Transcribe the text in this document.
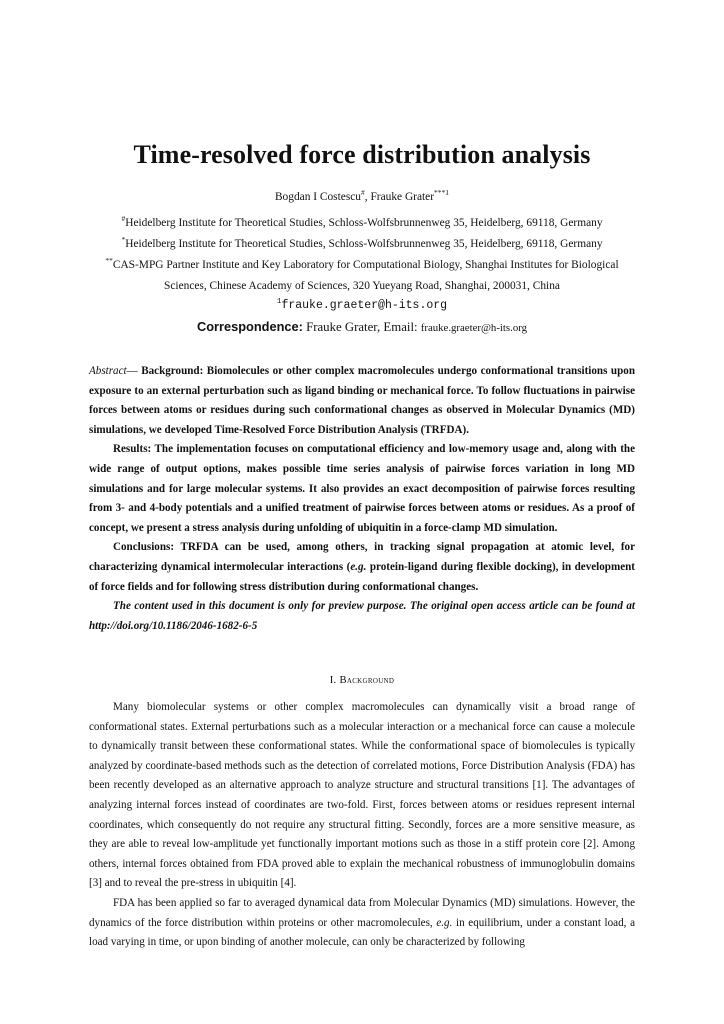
Time-resolved force distribution analysis
Bogdan I Costescu#, Frauke Grater$^{***1}$
#Heidelberg Institute for Theoretical Studies, Schloss-Wolfsbrunnenweg 35, Heidelberg, 69118, Germany
*Heidelberg Institute for Theoretical Studies, Schloss-Wolfsbrunnenweg 35, Heidelberg, 69118, Germany
**CAS-MPG Partner Institute and Key Laboratory for Computational Biology, Shanghai Institutes for Biological
Sciences, Chinese Academy of Sciences, 320 Yueyang Road, Shanghai, 200031, China
$^1$frauke.graeter@h-its.org
Correspondence: Frauke Grater, Email: frauke.graeter@h-its.org

Abstract— Background: Biomolecules or other complex macromolecules undergo conformational transitions upon exposure to an external perturbation such as ligand binding or mechanical force. To follow fluctuations in pairwise forces between atoms or residues during such conformational changes as observed in Molecular Dynamics (MD) simulations, we developed Time-Resolved Force Distribution Analysis (TRFDA).

Results: The implementation focuses on computational efficiency and low-memory usage and, along with the wide range of output options, makes possible time series analysis of pairwise forces variation in long MD simulations and for large molecular systems. It also provides an exact decomposition of pairwise forces resulting from 3- and 4-body potentials and a unified treatment of pairwise forces between atoms or residues. As a proof of concept, we present a stress analysis during unfolding of ubiquitin in a force-clamp MD simulation.

Conclusions: TRFDA can be used, among others, in tracking signal propagation at atomic level, for characterizing dynamical intermolecular interactions (e.g. protein-ligand during flexible docking), in development of force fields and for following stress distribution during conformational changes.

The content used in this document is only for preview purpose. The original open access article can be found at http://doi.org/10.1186/2046-1682-6-5

I. Background

Many biomolecular systems or other complex macromolecules can dynamically visit a broad range of conformational states. External perturbations such as a molecular interaction or a mechanical force can cause a molecule to dynamically transit between these conformational states. While the conformational space of biomolecules is typically analyzed by coordinate-based methods such as the detection of correlated motions, Force Distribution Analysis (FDA) has been recently developed as an alternative approach to analyze structure and structural transitions [1]. The advantages of analyzing internal forces instead of coordinates are two-fold. First, forces between atoms or residues represent internal coordinates, which consequently do not require any structural fitting. Secondly, forces are a more sensitive measure, as they are able to reveal low-amplitude yet functionally important motions such as those in a stiff protein core [2]. Among others, internal forces obtained from FDA proved able to explain the mechanical robustness of immunoglobulin domains [3] and to reveal the pre-stress in ubiquitin [4].

FDA has been applied so far to averaged dynamical data from Molecular Dynamics (MD) simulations. However, the dynamics of the force distribution within proteins or other macromolecules, e.g. in equilibrium, under a constant load, a load varying in time, or upon binding of another molecule, can only be characterized by following
